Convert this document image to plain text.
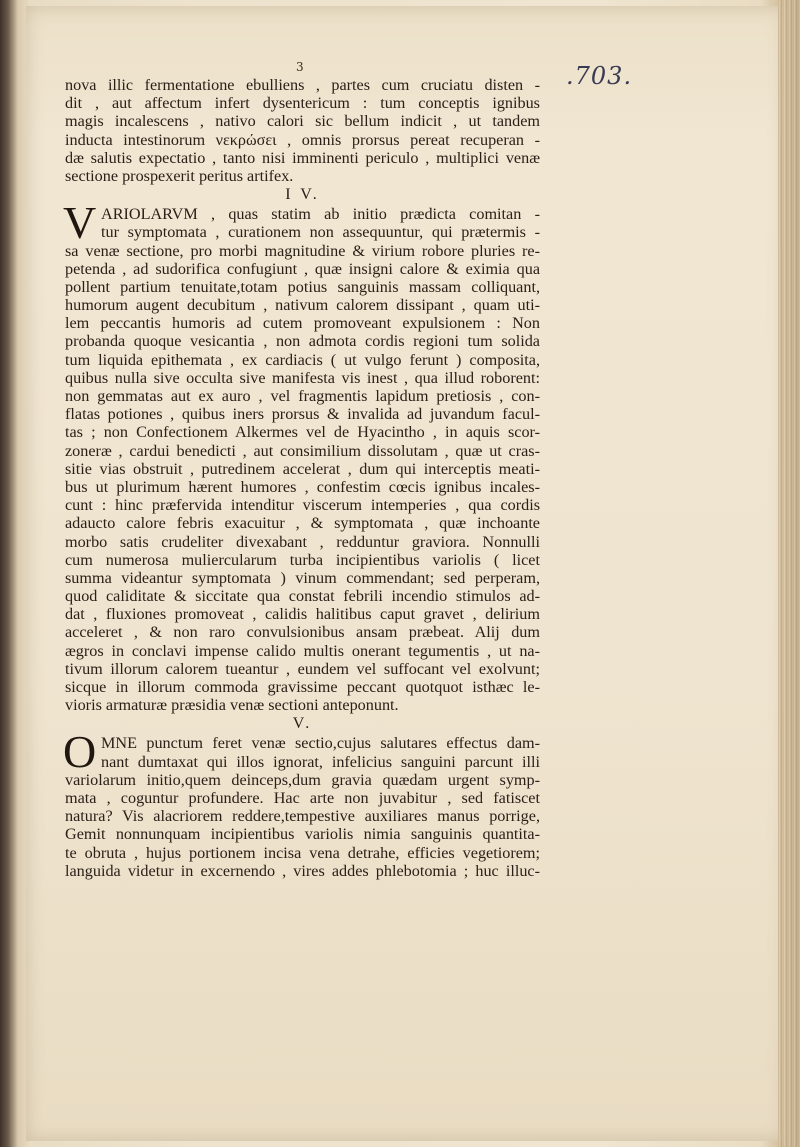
3	.703.
nova illic fermentatione ebulliens , partes cum cruciatu disten -
dit , aut affectum infert dysentericum : tum conceptis ignibus
magis incalescens , nativo calori sic bellum indicit , ut tandem
inducta intestinorum νεκρώσει , omnis prorsus pereat recuperan -
dæ salutis expectatio , tanto nisi imminenti periculo , multiplici venæ
sectione prospexerit peritus artifex.
I V.
V ARIOLARVM , quas statim ab initio prædicta comitan -
tur symptomata , curationem non assequuntur, qui prætermis -
sa venæ sectione, pro morbi magnitudine & virium robore pluries re-
petenda , ad sudorifica confugiunt , quæ insigni calore & eximia qua
pollent partium tenuitate,totam potius sanguinis massam colliquant,
humorum augent decubitum , nativum calorem dissipant , quam uti-
lem peccantis humoris ad cutem promoveant expulsionem : Non
probanda quoque vesicantia , non admota cordis regioni tum solida
tum liquida epithemata , ex cardiacis ( ut vulgo ferunt ) composita,
quibus nulla sive occulta sive manifesta vis inest , qua illud roborent:
non gemmatas aut ex auro , vel fragmentis lapidum pretiosis , con-
flatas potiones , quibus iners prorsus & invalida ad juvandum facul-
tas ; non Confectionem Alkermes vel de Hyacintho , in aquis scor-
zoneræ , cardui benedicti , aut consimilium dissolutam , quæ ut cras-
sitie vias obstruit , putredinem accelerat , dum qui interceptis meati-
bus ut plurimum hærent humores , confestim cœcis ignibus incales-
cunt : hinc præfervida intenditur viscerum intemperies , qua cordis
adaucto calore febris exacuitur , & symptomata , quæ inchoante
morbo satis crudeliter divexabant , redduntur graviora. Nonnulli
cum numerosa muliercularum turba incipientibus variolis ( licet
summa videantur symptomata ) vinum commendant; sed perperam,
quod caliditate & siccitate qua constat febrili incendio stimulos ad-
dat , fluxiones promoveat , calidis halitibus caput gravet , delirium
acceleret , & non raro convulsionibus ansam præbeat. Alij dum
ægros in conclavi impense calido multis onerant tegumentis , ut na-
tivum illorum calorem tueantur , eundem vel suffocant vel exolvunt;
sicque in illorum commoda gravissime peccant quotquot isthæc le-
vioris armaturæ præsidia venæ sectioni anteponunt.
V.
O MNE punctum feret venæ sectio,cujus salutares effectus dam-
nant dumtaxat qui illos ignorat, infelicius sanguini parcunt illi
variolarum initio,quem deinceps,dum gravia quædam urgent symp-
mata , coguntur profundere. Hac arte non juvabitur , sed fatiscet
natura? Vis alacriorem reddere,tempestive auxiliares manus porrige,
Gemit nonnunquam incipientibus variolis nimia sanguinis quantita-
te obruta , hujus portionem incisa vena detrahe, efficies vegetiorem;
languida videtur in excernendo , vires addes phlebotomia ; huc illuc-
